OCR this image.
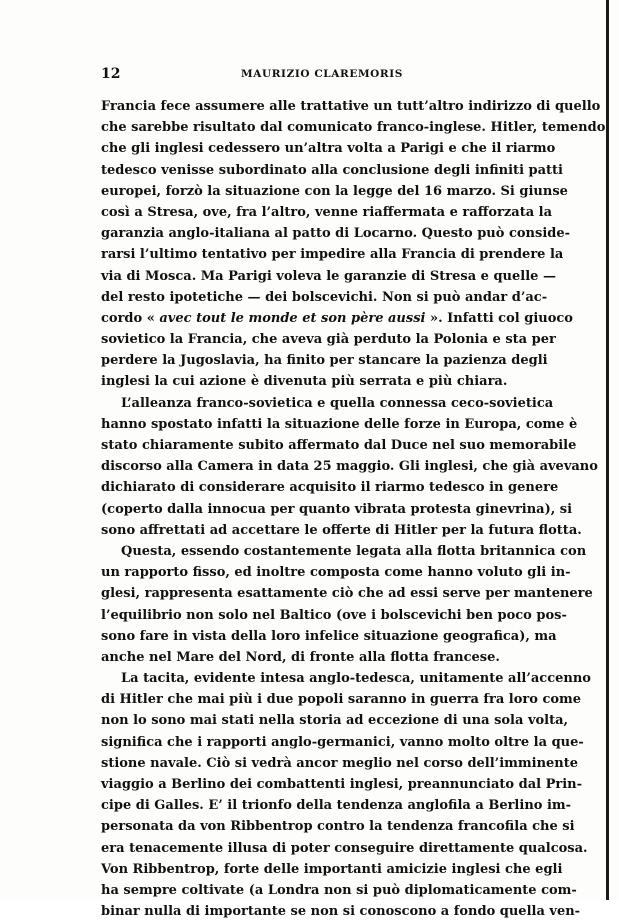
12	MAURIZIO CLAREMORIS
Francia fece assumere alle trattative un tutt’altro indirizzo di quello
che sarebbe risultato dal comunicato franco-inglese. Hitler, temendo
che gli inglesi cedessero un’altra volta a Parigi e che il riarmo
tedesco venisse subordinato alla conclusione degli infiniti patti
europei, forzò la situazione con la legge del 16 marzo. Si giunse
così a Stresa, ove, fra l’altro, venne riaffermata e rafforzata la
garanzia anglo-italiana al patto di Locarno. Questo può conside-
rarsi l’ultimo tentativo per impedire alla Francia di prendere la
via di Mosca. Ma Parigi voleva le garanzie di Stresa e quelle —
del resto ipotetiche — dei bolscevichi. Non si può andar d’ac-
cordo « avec tout le monde et son père aussi ». Infatti col giuoco
sovietico la Francia, che aveva già perduto la Polonia e sta per
perdere la Jugoslavia, ha finito per stancare la pazienza degli
inglesi la cui azione è divenuta più serrata e più chiara.
L’alleanza franco-sovietica e quella connessa ceco-sovietica
hanno spostato infatti la situazione delle forze in Europa, come è
stato chiaramente subito affermato dal Duce nel suo memorabile
discorso alla Camera in data 25 maggio. Gli inglesi, che già avevano
dichiarato di considerare acquisito il riarmo tedesco in genere
(coperto dalla innocua per quanto vibrata protesta ginevrina), si
sono affrettati ad accettare le offerte di Hitler per la futura flotta.
Questa, essendo costantemente legata alla flotta britannica con
un rapporto fisso, ed inoltre composta come hanno voluto gli in-
glesi, rappresenta esattamente ciò che ad essi serve per mantenere
l’equilibrio non solo nel Baltico (ove i bolscevichi ben poco pos-
sono fare in vista della loro infelice situazione geografica), ma
anche nel Mare del Nord, di fronte alla flotta francese.
La tacita, evidente intesa anglo-tedesca, unitamente all’accenno
di Hitler che mai più i due popoli saranno in guerra fra loro come
non lo sono mai stati nella storia ad eccezione di una sola volta,
significa che i rapporti anglo-germanici, vanno molto oltre la que-
stione navale. Ciò si vedrà ancor meglio nel corso dell’imminente
viaggio a Berlino dei combattenti inglesi, preannunciato dal Prin-
cipe di Galles. E’ il trionfo della tendenza anglofila a Berlino im-
personata da von Ribbentrop contro la tendenza francofila che si
era tenacemente illusa di poter conseguire direttamente qualcosa.
Von Ribbentrop, forte delle importanti amicizie inglesi che egli
ha sempre coltivate (a Londra non si può diplomaticamente com-
binar nulla di importante se non si conoscono a fondo quella ven-
